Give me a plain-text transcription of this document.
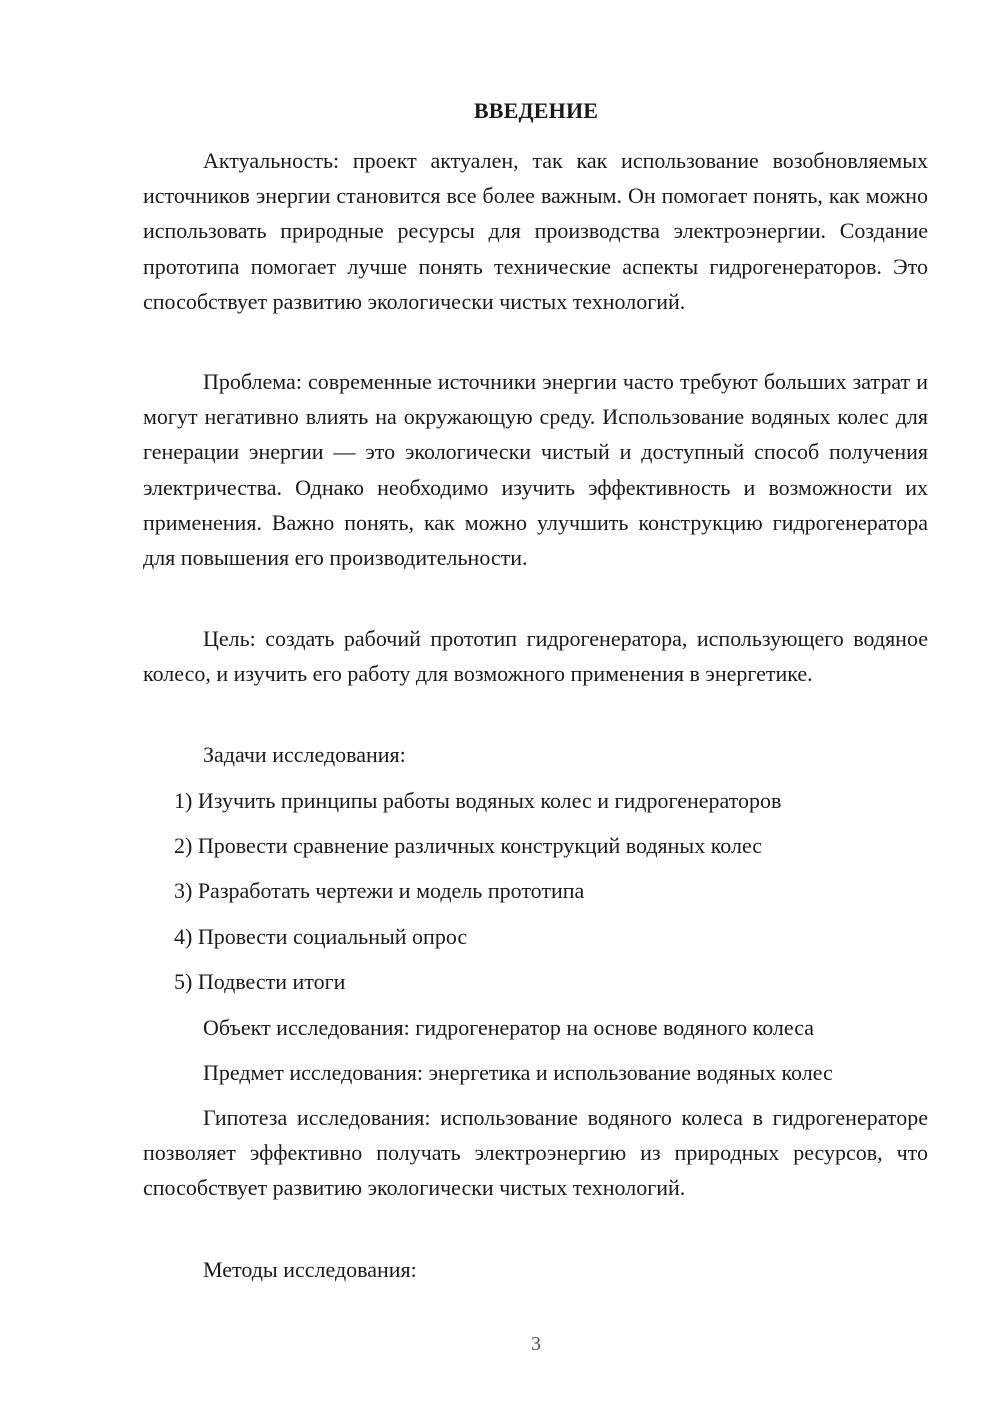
ВВЕДЕНИЕ

Актуальность: проект актуален, так как использование возобновляемых источников энергии становится все более важным. Он помогает понять, как можно использовать природные ресурсы для производства электроэнергии. Создание прототипа помогает лучше понять технические аспекты гидрогенераторов. Это способствует развитию экологически чистых технологий.

Проблема: современные источники энергии часто требуют больших затрат и могут негативно влиять на окружающую среду. Использование водяных колес для генерации энергии — это экологически чистый и доступный способ получения электричества. Однако необходимо изучить эффективность и возможности их применения. Важно понять, как можно улучшить конструкцию гидрогенератора для повышения его производительности.

Цель: создать рабочий прототип гидрогенератора, использующего водяное колесо, и изучить его работу для возможного применения в энергетике.

Задачи исследования:

1) Изучить принципы работы водяных колес и гидрогенераторов

2) Провести сравнение различных конструкций водяных колес

3) Разработать чертежи и модель прототипа

4) Провести социальный опрос

5) Подвести итоги

Объект исследования: гидрогенератор на основе водяного колеса

Предмет исследования: энергетика и использование водяных колес

Гипотеза исследования: использование водяного колеса в гидрогенераторе позволяет эффективно получать электроэнергию из природных ресурсов, что способствует развитию экологически чистых технологий.

Методы исследования:

3
